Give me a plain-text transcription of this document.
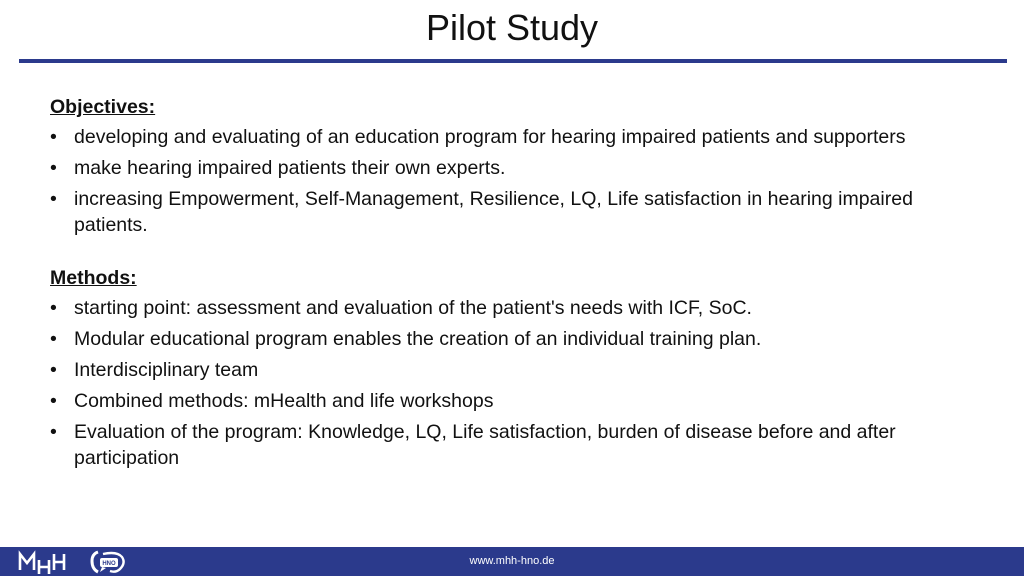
Pilot Study
Objectives:
• developing and evaluating of an education program for hearing impaired patients and supporters
• make hearing impaired patients their own experts.
• increasing Empowerment, Self-Management, Resilience, LQ, Life satisfaction in hearing impaired patients.
Methods:
• starting point: assessment and evaluation of the patient's needs with ICF, SoC.
• Modular educational program enables the creation of an individual training plan.
• Interdisciplinary team
• Combined methods: mHealth and life workshops
• Evaluation of the program: Knowledge, LQ, Life satisfaction, burden of disease before and after participation
HNO	www.mhh-hno.de
